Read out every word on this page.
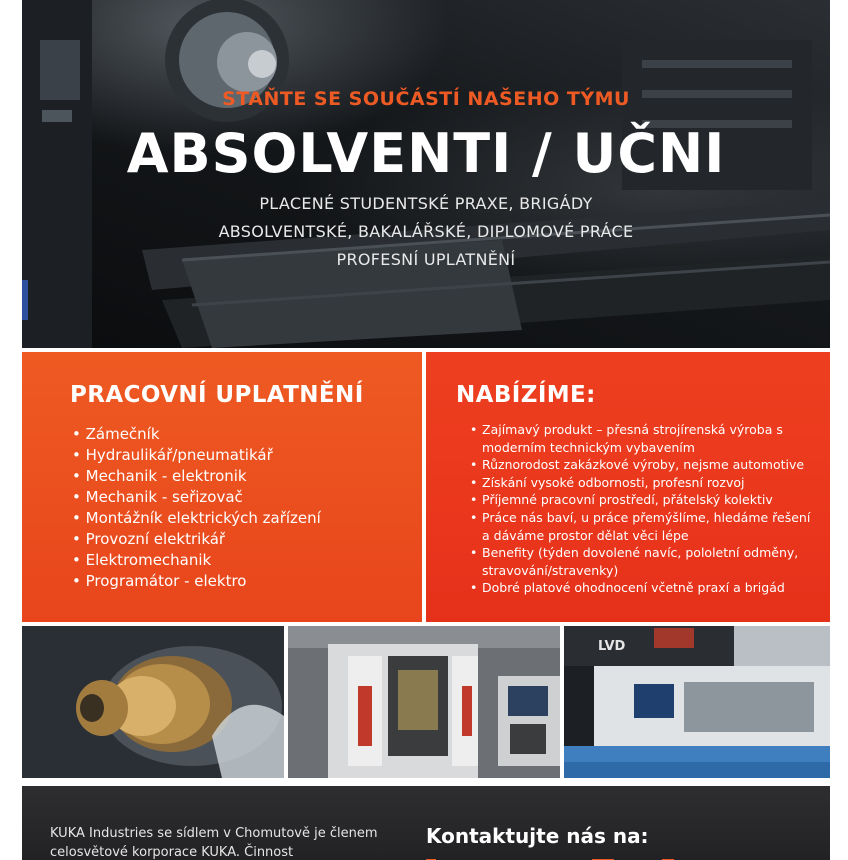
STAŇTE SE SOUČÁSTÍ NAŠEHO TÝMU
ABSOLVENTI / UČNI
PLACENÉ STUDENTSKÉ PRAXE, BRIGÁDY
ABSOLVENTSKÉ, BAKALÁŘSKÉ, DIPLOMOVÉ PRÁCE
PROFESNÍ UPLATNĚNÍ
PRACOVNÍ UPLATNĚNÍ
• Zámečník
• Hydraulikář/pneumatikář
• Mechanik - elektronik
• Mechanik - seřizovač
• Montážník elektrických zařízení
• Provozní elektrikář
• Elektromechanik
• Programátor - elektro
NABÍZÍME:
• Zajímavý produkt – přesná strojírenská výroba s moderním technickým vybavením
• Různorodost zakázkové výroby, nejsme automotive
• Získání vysoké odbornosti, profesní rozvoj
• Příjemné pracovní prostředí, přátelský kolektiv
• Práce nás baví, u práce přemýšlíme, hledáme řešení a dáváme prostor dělat věci lépe
• Benefity (týden dovolené navíc, pololetní odměny, stravování/stravenky)
• Dobré platové ohodnocení včetně praxí a brigád
LVD
KUKA Industries se sídlem v Chomutově je členem celosvětové korporace KUKA. Činnost
Kontaktujte nás na:
